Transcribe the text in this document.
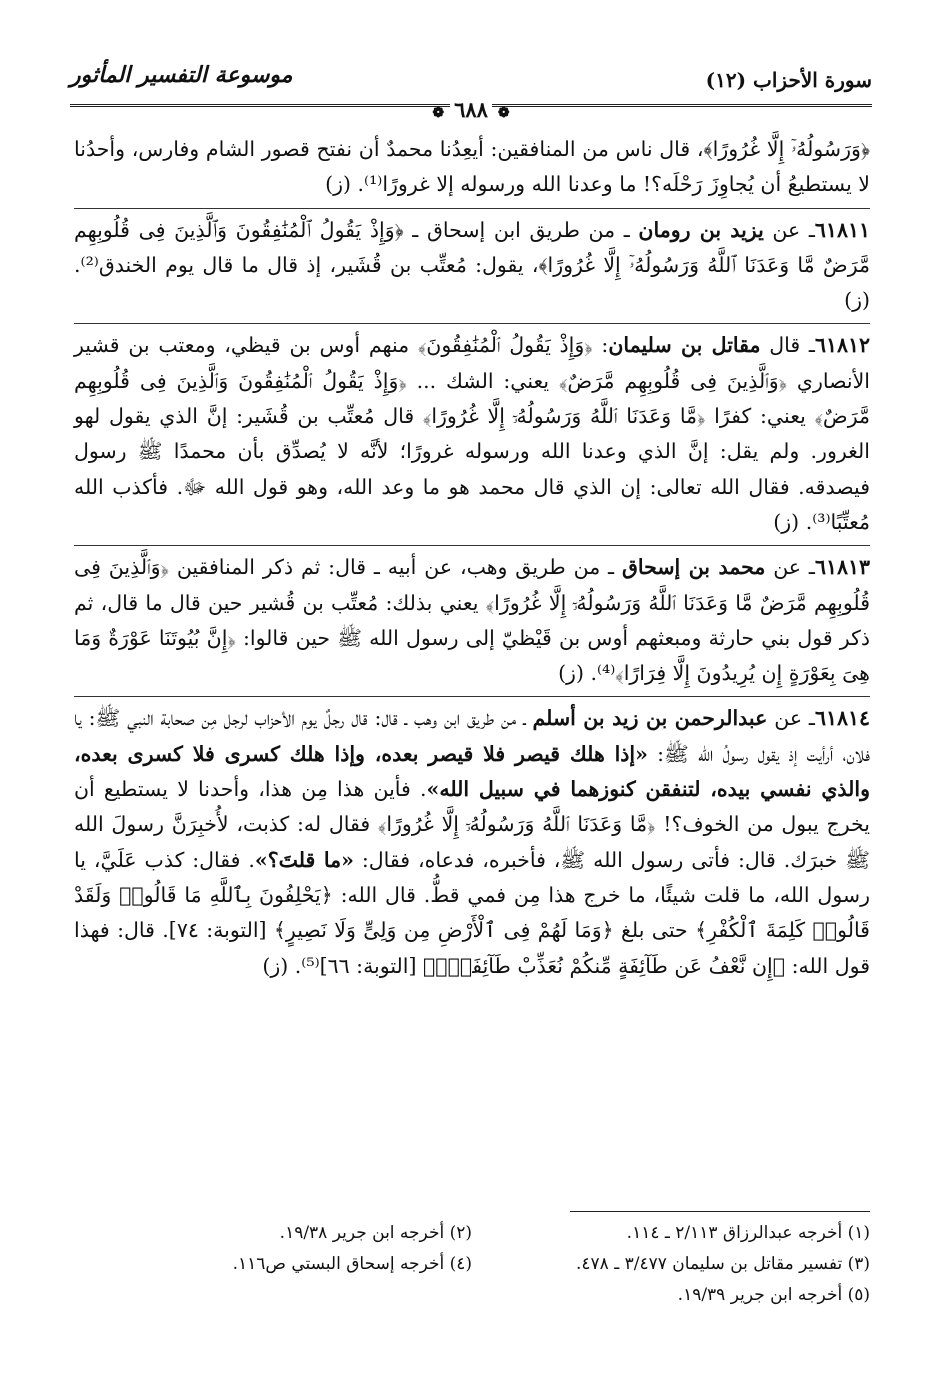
سورة الأحزاب (١٢)
موسوعة التفسير المأثور
❁ ٦٨٨ ❁

﴿وَرَسُولُهُۥٓ إِلَّا غُرُورًا﴾، قال ناس من المنافقين: أيعِدُنا محمدٌ أن نفتح قصور الشام وفارس، وأحدُنا لا يستطيعُ أن يُجاوِزَ رَحْلَه؟! ما وعدنا الله ورسوله إلا غرورًا⁽¹⁾. (ز)

٦١٨١١ـ عن يزيد بن رومان ـ من طريق ابن إسحاق ـ ﴿وَإِذْ يَقُولُ ٱلْمُنَٰفِقُونَ وَٱلَّذِينَ فِى قُلُوبِهِم مَّرَضٌ مَّا وَعَدَنَا ٱللَّهُ وَرَسُولُهُۥٓ إِلَّا غُرُورًا﴾، يقول: مُعتِّب بن قُشَير، إذ قال ما قال يوم الخندق⁽²⁾. (ز)

٦١٨١٢ـ قال مقاتل بن سليمان: ﴿وَإِذْ يَقُولُ ٱلْمُنَٰفِقُونَ﴾ منهم أوس بن قيظي، ومعتب بن قشير الأنصاري ﴿وَٱلَّذِينَ فِى قُلُوبِهِم مَّرَضٌ﴾ يعني: الشك ... ﴿وَإِذْ يَقُولُ ٱلْمُنَٰفِقُونَ وَٱلَّذِينَ فِى قُلُوبِهِم مَّرَضٌ﴾ يعني: كفرًا ﴿مَّا وَعَدَنَا ٱللَّهُ وَرَسُولُهُۥٓ إِلَّا غُرُورًا﴾ قال مُعتِّب بن قُشَير: إنَّ الذي يقول لهو الغرور. ولم يقل: إنَّ الذي وعدنا الله ورسوله غرورًا؛ لأنَّه لا يُصدِّق بأن محمدًا ﷺ رسول فيصدقه. فقال الله تعالى: إن الذي قال محمد هو ما وعد الله، وهو قول الله ﷻ. فأكذب الله مُعتِّبًا⁽³⁾. (ز)

٦١٨١٣ـ عن محمد بن إسحاق ـ من طريق وهب، عن أبيه ـ قال: ثم ذكر المنافقين ﴿وَٱلَّذِينَ فِى قُلُوبِهِم مَّرَضٌ مَّا وَعَدَنَا ٱللَّهُ وَرَسُولُهُۥٓ إِلَّا غُرُورًا﴾ يعني بذلك: مُعتِّب بن قُشير حين قال ما قال، ثم ذكر قول بني حارثة ومبعثهم أوس بن قَيْظيّ إلى رسول الله ﷺ حين قالوا: ﴿إِنَّ بُيُوتَنَا عَوْرَةٌ وَمَا هِىَ بِعَوْرَةٍ إِن يُرِيدُونَ إِلَّا فِرَارًا﴾⁽⁴⁾. (ز)

٦١٨١٤ـ عن عبدالرحمن بن زيد بن أسلم ـ من طريق ابن وهب ـ قال: قال رجلٌ يوم الأحزاب لرجل مِن صحابة النبي ﷺ: يا فلان، أرأيت إذ يقول رسولُ الله ﷺ: «إذا هلك قيصر فلا قيصر بعده، وإذا هلك كسرى فلا كسرى بعده، والذي نفسي بيده، لتنفقن كنوزهما في سبيل الله». فأين هذا مِن هذا، وأحدنا لا يستطيع أن يخرج يبول من الخوف؟! ﴿مَّا وَعَدَنَا ٱللَّهُ وَرَسُولُهُۥٓ إِلَّا غُرُورًا﴾ فقال له: كذبت، لأُخبِرَنَّ رسولَ الله ﷺ خبرَك. قال: فأتى رسول الله ﷺ، فأخبره، فدعاه، فقال: «ما قلتَ؟». فقال: كذب عَلَيَّ، يا رسول الله، ما قلت شيئًا، ما خرج هذا مِن فمي قطُّ. قال الله: ﴿يَحْلِفُونَ بِٱللَّهِ مَا قَالُوا۟ وَلَقَدْ قَالُوا۟ كَلِمَةَ ٱلْكُفْرِ﴾ حتى بلغ ﴿وَمَا لَهُمْ فِى ٱلْأَرْضِ مِن وَلِىٍّ وَلَا نَصِيرٍ﴾ [التوبة: ٧٤]. قال: فهذا قول الله: ﴿إِن نَّعْفُ عَن طَآئِفَةٍ مِّنكُمْ نُعَذِّبْ طَآئِفَةًۢ﴾ [التوبة: ٦٦]⁽⁵⁾. (ز)

(١) أخرجه عبدالرزاق ٢/١١٣ ـ ١١٤.
(٢) أخرجه ابن جرير ١٩/٣٨.
(٣) تفسير مقاتل بن سليمان ٣/٤٧٧ ـ ٤٧٨.
(٤) أخرجه إسحاق البستي ص١١٦.
(٥) أخرجه ابن جرير ١٩/٣٩.
